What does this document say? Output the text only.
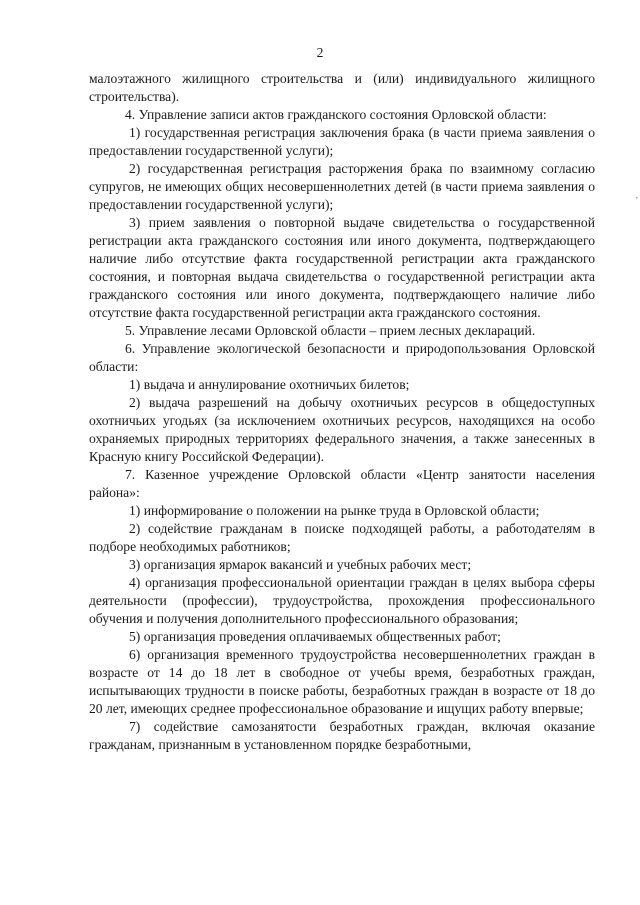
2
,

малоэтажного жилищного строительства и (или) индивидуального жилищного строительства).

4. Управление записи актов гражданского состояния Орловской области:

1) государственная регистрация заключения брака (в части приема заявления о предоставлении государственной услуги);

2) государственная регистрация расторжения брака по взаимному согласию супругов, не имеющих общих несовершеннолетних детей (в части приема заявления о предоставлении государственной услуги);

3) прием заявления о повторной выдаче свидетельства о государственной регистрации акта гражданского состояния или иного документа, подтверждающего наличие либо отсутствие факта государственной регистрации акта гражданского состояния, и повторная выдача свидетельства о государственной регистрации акта гражданского состояния или иного документа, подтверждающего наличие либо отсутствие факта государственной регистрации акта гражданского состояния.

5. Управление лесами Орловской области – прием лесных деклараций.

6. Управление экологической безопасности и природопользования Орловской области:

1) выдача и аннулирование охотничьих билетов;

2) выдача разрешений на добычу охотничьих ресурсов в общедоступных охотничьих угодьях (за исключением охотничьих ресурсов, находящихся на особо охраняемых природных территориях федерального значения, а также занесенных в Красную книгу Российской Федерации).

7. Казенное учреждение Орловской области «Центр занятости населения района»:

1) информирование о положении на рынке труда в Орловской области;

2) содействие гражданам в поиске подходящей работы, а работодателям в подборе необходимых работников;

3) организация ярмарок вакансий и учебных рабочих мест;

4) организация профессиональной ориентации граждан в целях выбора сферы деятельности (профессии), трудоустройства, прохождения профессионального обучения и получения дополнительного профессионального образования;

5) организация проведения оплачиваемых общественных работ;

6) организация временного трудоустройства несовершеннолетних граждан в возрасте от 14 до 18 лет в свободное от учебы время, безработных граждан, испытывающих трудности в поиске работы, безработных граждан в возрасте от 18 до 20 лет, имеющих среднее профессиональное образование и ищущих работу впервые;

7) содействие самозанятости безработных граждан, включая оказание гражданам, признанным в установленном порядке безработными,
